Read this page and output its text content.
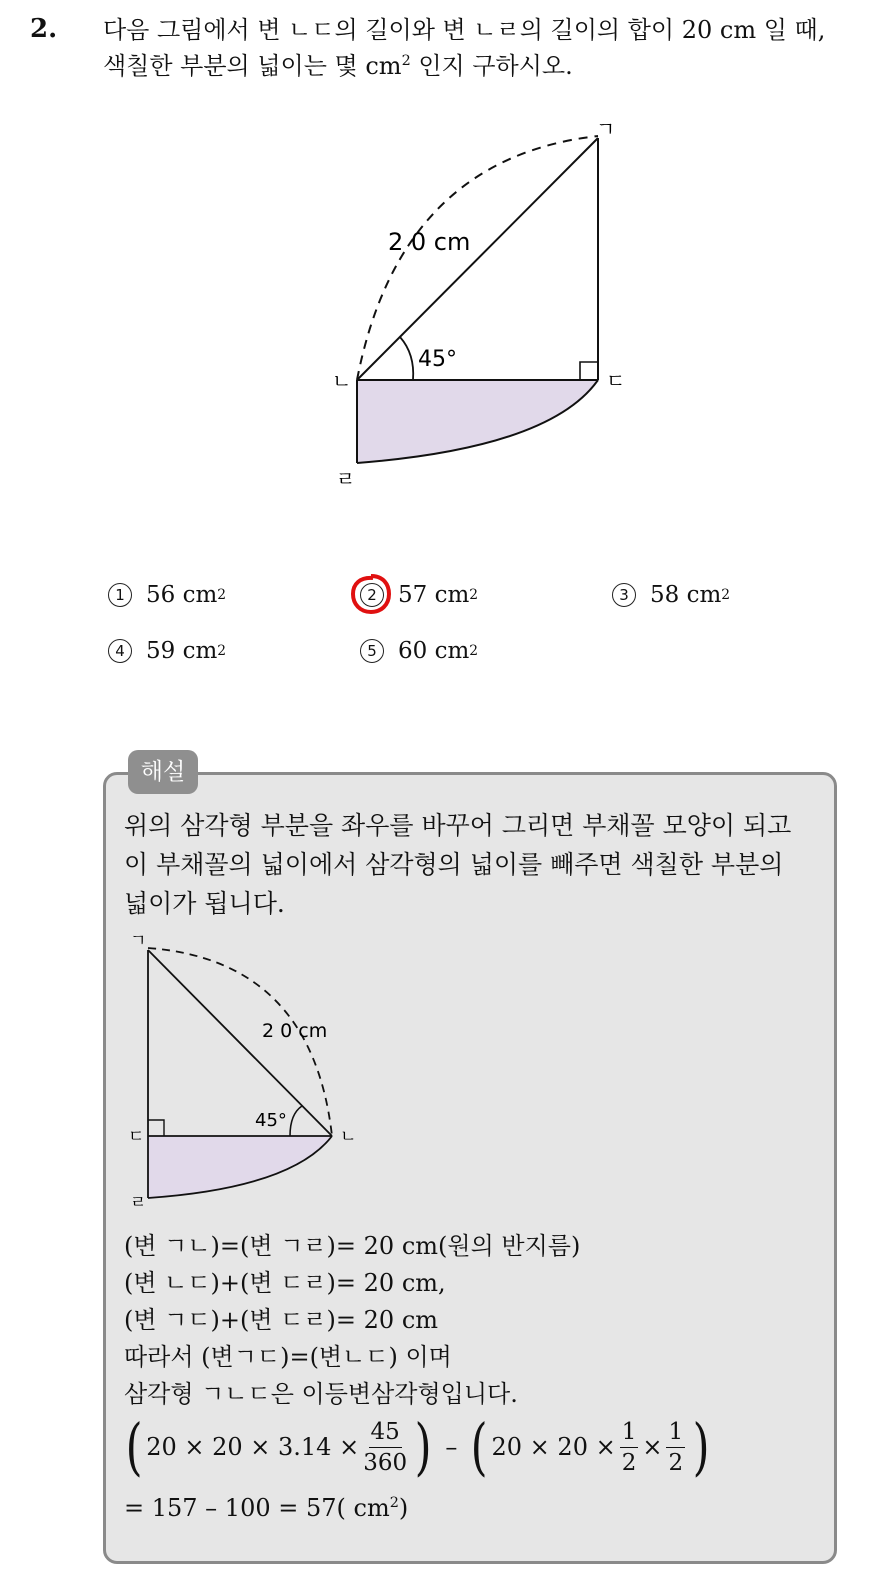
2. 다음 그림에서 변 ㄴㄷ의 길이와 변 ㄴㄹ의 길이의 합이 20 cm 일 때,
색칠한 부분의 넓이는 몇 $cm^2$ 인지 구하시오.
ㄱ
ㄴ	ㄷ
ㄹ
2 0 cm
45°
1 56 cm 2	2 57 cm 2	3 58 cm 2
4 59 cm 2	5 60 cm 2
해설
위의 삼각형 부분을 좌우를 바꾸어 그리면 부채꼴 모양이 되고
이 부채꼴의 넓이에서 삼각형의 넓이를 빼주면 색칠한 부분의
넓이가 됩니다.
ㄱ
ㄷ	ㄴ
ㄹ
2 0 cm
45°
(변 ㄱㄴ)=(변 ㄱㄹ)= 20 cm(원의 반지름)
(변 ㄴㄷ)+(변 ㄷㄹ)= 20 cm,
(변 ㄱㄷ)+(변 ㄷㄹ)= 20 cm
따라서 (변ㄱㄷ)=(변ㄴㄷ) 이며
삼각형 ㄱㄴㄷ은 이등변삼각형입니다.
( $20 \times 20 \times 3.14 \times \frac{45}{360}$ ) – ( $20 \times 20 \times \frac{1}{2} \times \frac{1}{2}$ )
= 157 – 100 = 57( $cm^2$)
